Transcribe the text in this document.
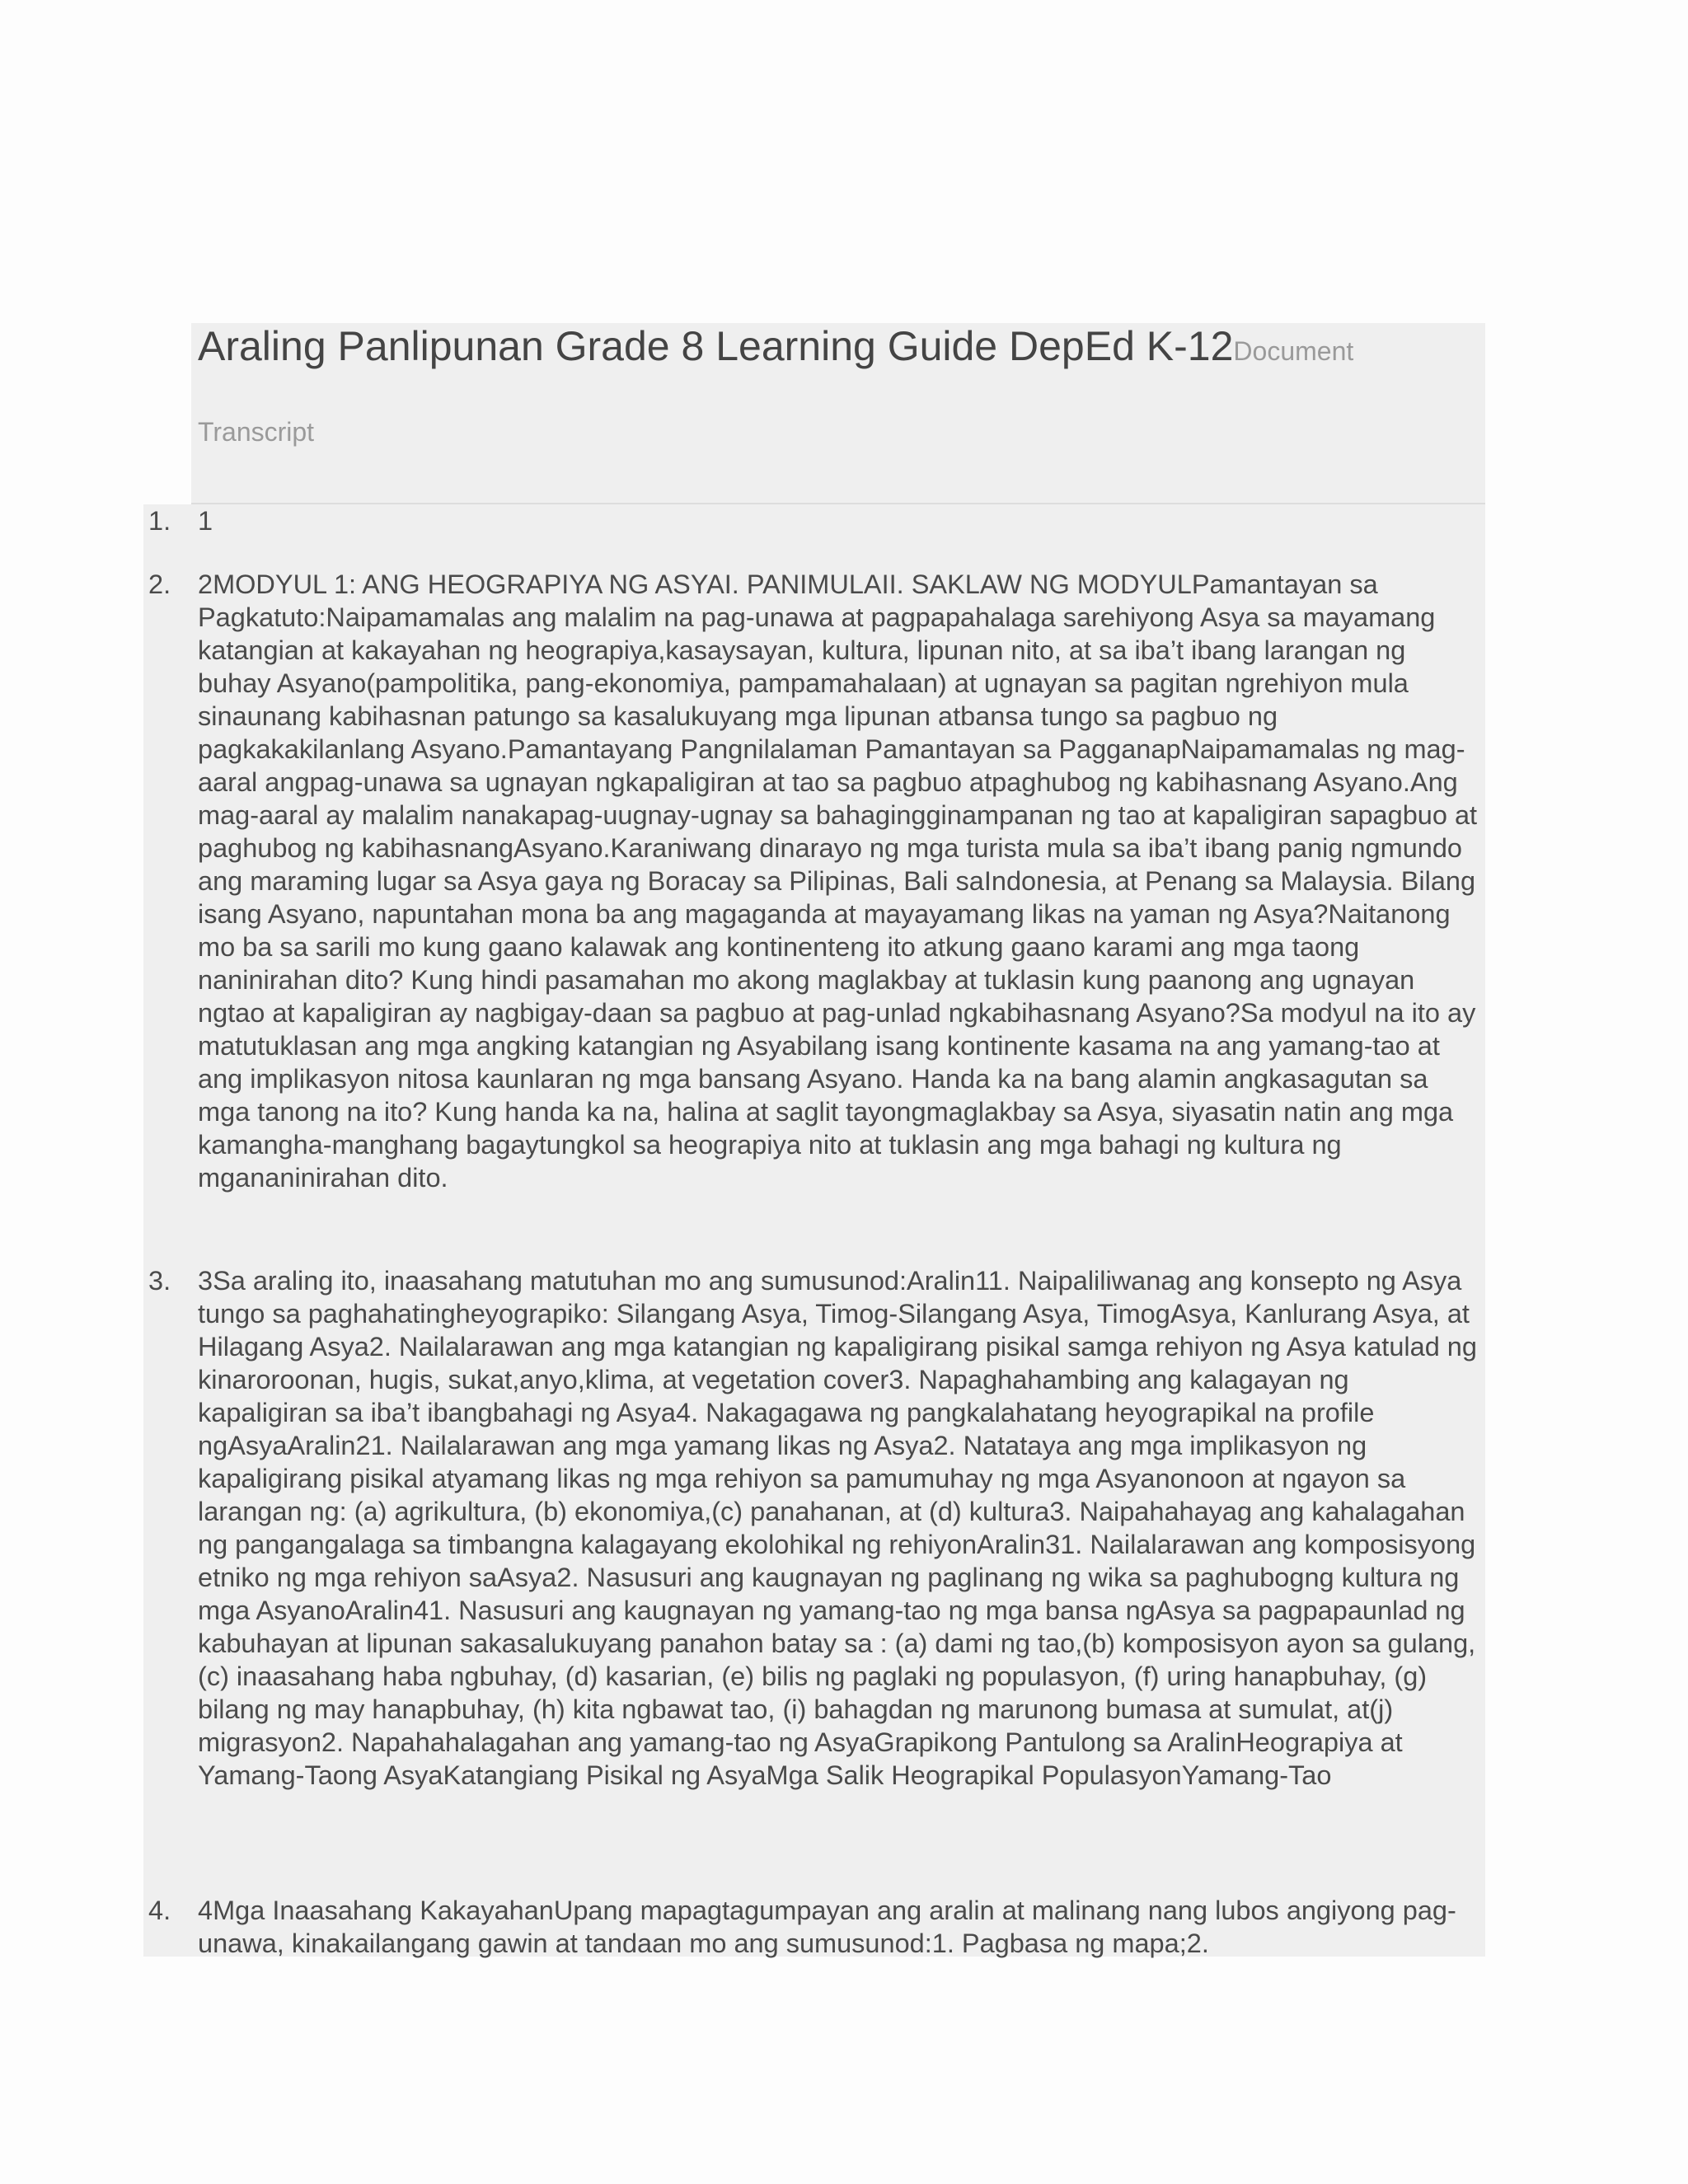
Araling Panlipunan Grade 8 Learning Guide DepEd K-12Document
Transcript
1.	1
2.	2MODYUL 1: ANG HEOGRAPIYA NG ASYAI. PANIMULAII. SAKLAW NG MODYULPamantayan sa Pagkatuto:Naipamamalas ang malalim na pag-unawa at pagpapahalaga sarehiyong Asya sa mayamang katangian at kakayahan ng heograpiya,kasaysayan, kultura, lipunan nito, at sa iba’t ibang larangan ng buhay Asyano(pampolitika, pang-ekonomiya, pampamahalaan) at ugnayan sa pagitan ngrehiyon mula sinaunang kabihasnan patungo sa kasalukuyang mga lipunan atbansa tungo sa pagbuo ng pagkakakilanlang Asyano.Pamantayang Pangnilalaman Pamantayan sa PagganapNaipamamalas ng mag-aaral angpag-unawa sa ugnayan ngkapaligiran at tao sa pagbuo atpaghubog ng kabihasnang Asyano.Ang mag-aaral ay malalim nanakapag-uugnay-ugnay sa bahagingginampanan ng tao at kapaligiran sapagbuo at paghubog ng kabihasnangAsyano.Karaniwang dinarayo ng mga turista mula sa iba’t ibang panig ngmundo ang maraming lugar sa Asya gaya ng Boracay sa Pilipinas, Bali saIndonesia, at Penang sa Malaysia. Bilang isang Asyano, napuntahan mona ba ang magaganda at mayayamang likas na yaman ng Asya?Naitanong mo ba sa sarili mo kung gaano kalawak ang kontinenteng ito atkung gaano karami ang mga taong naninirahan dito? Kung hindi pasamahan mo akong maglakbay at tuklasin kung paanong ang ugnayan ngtao at kapaligiran ay nagbigay-daan sa pagbuo at pag-unlad ngkabihasnang Asyano?Sa modyul na ito ay matutuklasan ang mga angking katangian ng Asyabilang isang kontinente kasama na ang yamang-tao at ang implikasyon nitosa kaunlaran ng mga bansang Asyano. Handa ka na bang alamin angkasagutan sa mga tanong na ito? Kung handa ka na, halina at saglit tayongmaglakbay sa Asya, siyasatin natin ang mga kamangha-manghang bagaytungkol sa heograpiya nito at tuklasin ang mga bahagi ng kultura ng mgananinirahan dito.
3.	3Sa araling ito, inaasahang matutuhan mo ang sumusunod:Aralin11. Naipaliliwanag ang konsepto ng Asya tungo sa paghahatingheyograpiko: Silangang Asya, Timog-Silangang Asya, TimogAsya, Kanlurang Asya, at Hilagang Asya2. Nailalarawan ang mga katangian ng kapaligirang pisikal samga rehiyon ng Asya katulad ng kinaroroonan, hugis, sukat,anyo,klima, at vegetation cover3. Napaghahambing ang kalagayan ng kapaligiran sa iba’t ibangbahagi ng Asya4. Nakagagawa ng pangkalahatang heyograpikal na profile ngAsyaAralin21. Nailalarawan ang mga yamang likas ng Asya2. Natataya ang mga implikasyon ng kapaligirang pisikal atyamang likas ng mga rehiyon sa pamumuhay ng mga Asyanonoon at ngayon sa larangan ng: (a) agrikultura, (b) ekonomiya,(c) panahanan, at (d) kultura3. Naipahahayag ang kahalagahan ng pangangalaga sa timbangna kalagayang ekolohikal ng rehiyonAralin31. Nailalarawan ang komposisyong etniko ng mga rehiyon saAsya2. Nasusuri ang kaugnayan ng paglinang ng wika sa paghubogng kultura ng mga AsyanoAralin41. Nasusuri ang kaugnayan ng yamang-tao ng mga bansa ngAsya sa pagpapaunlad ng kabuhayan at lipunan sakasalukuyang panahon batay sa : (a) dami ng tao,(b) komposisyon ayon sa gulang, (c) inaasahang haba ngbuhay, (d) kasarian, (e) bilis ng paglaki ng populasyon, (f) uring hanapbuhay, (g) bilang ng may hanapbuhay, (h) kita ngbawat tao, (i) bahagdan ng marunong bumasa at sumulat, at(j) migrasyon2. Napahahalagahan ang yamang-tao ng AsyaGrapikong Pantulong sa AralinHeograpiya at Yamang-Taong AsyaKatangiang Pisikal ng AsyaMga Salik Heograpikal PopulasyonYamang-Tao
4.	4Mga Inaasahang KakayahanUpang mapagtagumpayan ang aralin at malinang nang lubos angiyong pag-unawa, kinakailangang gawin at tandaan mo ang sumusunod:1. Pagbasa ng mapa;2.
